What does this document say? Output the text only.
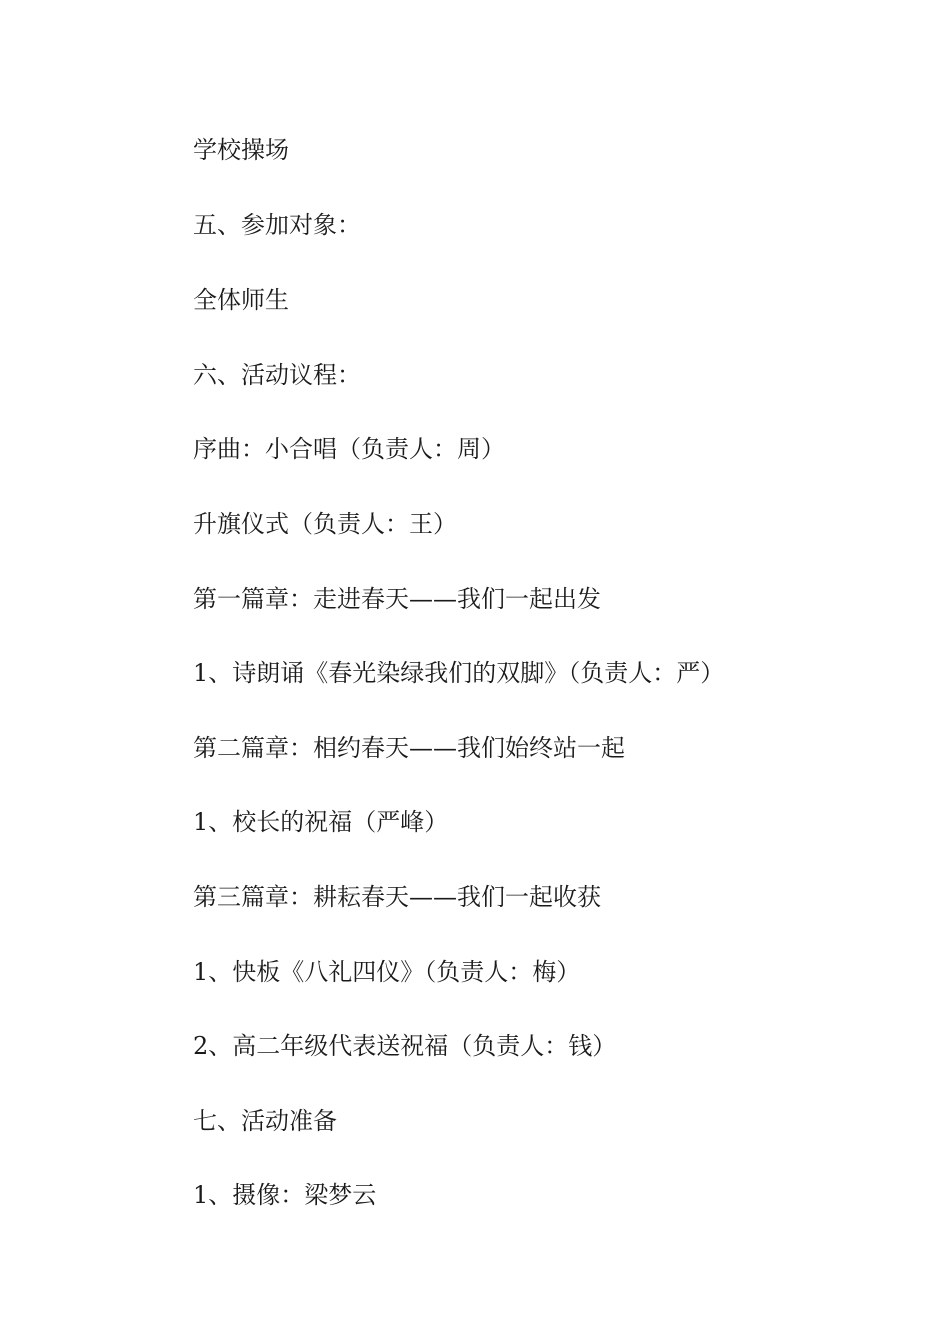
学校操场

五、参加对象：

全体师生

六、活动议程：

序曲：小合唱（负责人：周）

升旗仪式（负责人：王）

第一篇章：走进春天——我们一起出发

1、诗朗诵《春光染绿我们的双脚》（负责人：严）

第二篇章：相约春天——我们始终站一起

1、校长的祝福（严峰）

第三篇章：耕耘春天——我们一起收获

1、快板《八礼四仪》（负责人：梅）

2、高二年级代表送祝福（负责人：钱）

七、活动准备

1、摄像：梁梦云
